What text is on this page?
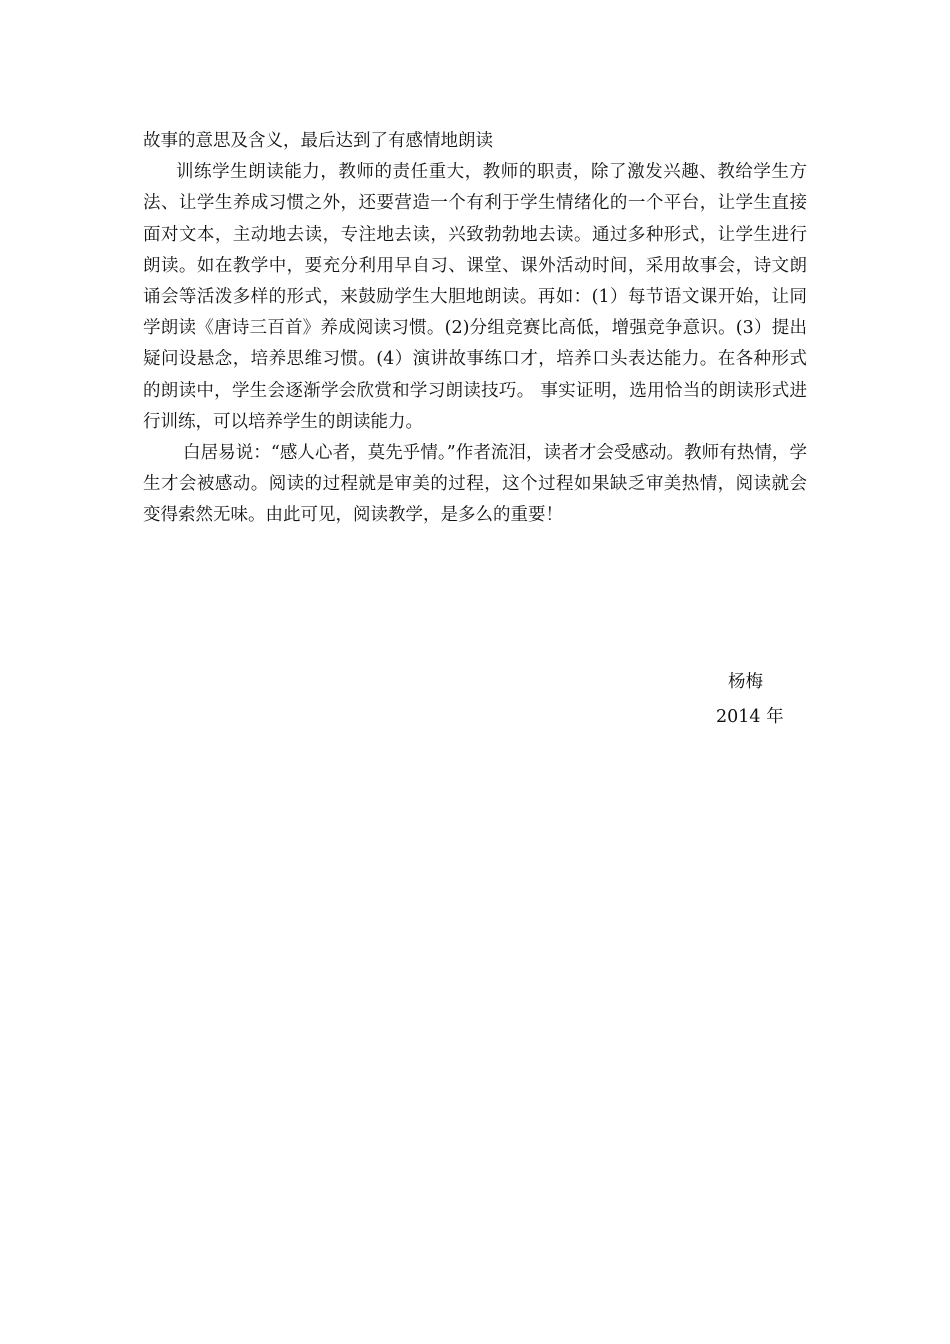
故事的意思及含义，最后达到了有感情地朗读

训练学生朗读能力，教师的责任重大，教师的职责，除了激发兴趣、教给学生方法、让学生养成习惯之外，还要营造一个有利于学生情绪化的一个平台，让学生直接面对文本，主动地去读，专注地去读，兴致勃勃地去读。通过多种形式，让学生进行朗读。如在教学中，要充分利用早自习、课堂、课外活动时间，采用故事会，诗文朗诵会等活泼多样的形式，来鼓励学生大胆地朗读。再如：(1）每节语文课开始，让同学朗读《唐诗三百首》养成阅读习惯。(2)分组竞赛比高低，增强竞争意识。(3）提出疑问设悬念，培养思维习惯。(4）演讲故事练口才，培养口头表达能力。在各种形式的朗读中，学生会逐渐学会欣赏和学习朗读技巧。 事实证明，选用恰当的朗读形式进行训练，可以培养学生的朗读能力。

白居易说：“感人心者，莫先乎情。”作者流泪，读者才会受感动。教师有热情，学生才会被感动。阅读的过程就是审美的过程，这个过程如果缺乏审美热情，阅读就会变得索然无味。由此可见，阅读教学，是多么的重要！

杨梅
2014 年
